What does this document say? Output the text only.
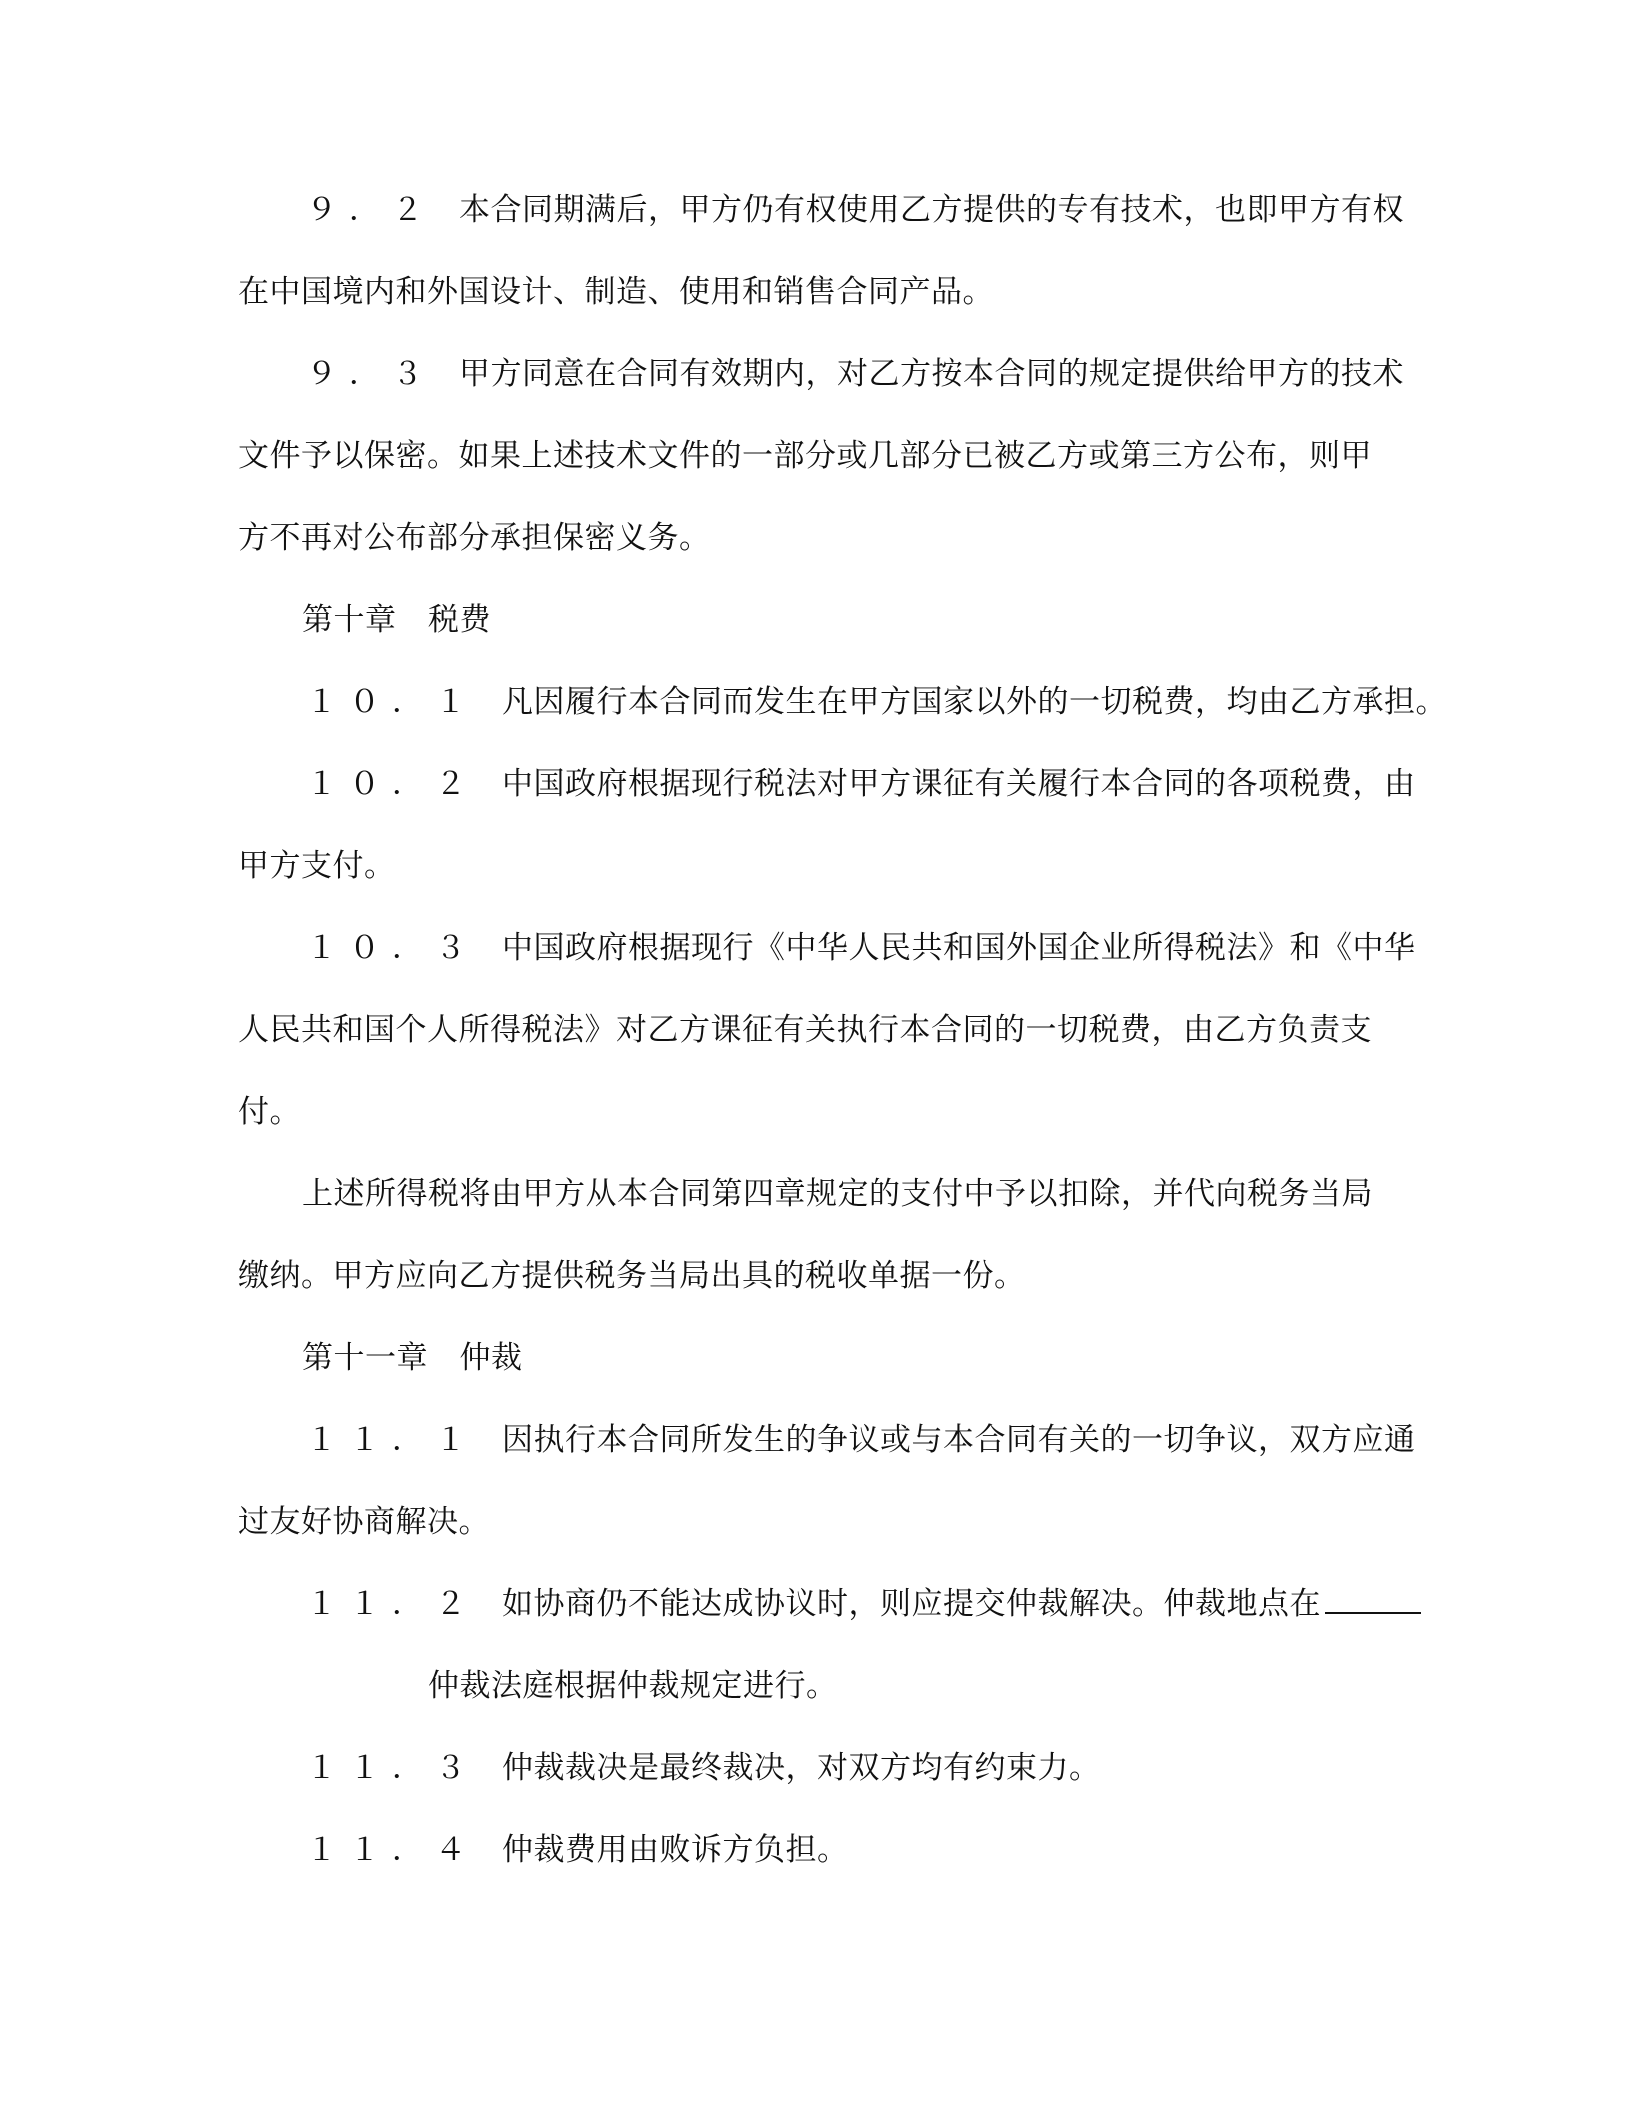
９．２ 本合同期满后，甲方仍有权使用乙方提供的专有技术，也即甲方有权
在中国境内和外国设计、制造、使用和销售合同产品。
９．３ 甲方同意在合同有效期内，对乙方按本合同的规定提供给甲方的技术
文件予以保密。如果上述技术文件的一部分或几部分已被乙方或第三方公布，则甲
方不再对公布部分承担保密义务。
第十章　税费
１０．１ 凡因履行本合同而发生在甲方国家以外的一切税费，均由乙方承担。
１０．２ 中国政府根据现行税法对甲方课征有关履行本合同的各项税费，由
甲方支付。
１０．３ 中国政府根据现行《中华人民共和国外国企业所得税法》和《中华
人民共和国个人所得税法》对乙方课征有关执行本合同的一切税费，由乙方负责支
付。
上述所得税将由甲方从本合同第四章规定的支付中予以扣除，并代向税务当局
缴纳。甲方应向乙方提供税务当局出具的税收单据一份。
第十一章　仲裁
１１．１ 因执行本合同所发生的争议或与本合同有关的一切争议，双方应通
过友好协商解决。
１１．２ 如协商仍不能达成协议时，则应提交仲裁解决。仲裁地点在
仲裁法庭根据仲裁规定进行。
１１．３ 仲裁裁决是最终裁决，对双方均有约束力。
１１．４ 仲裁费用由败诉方负担。
